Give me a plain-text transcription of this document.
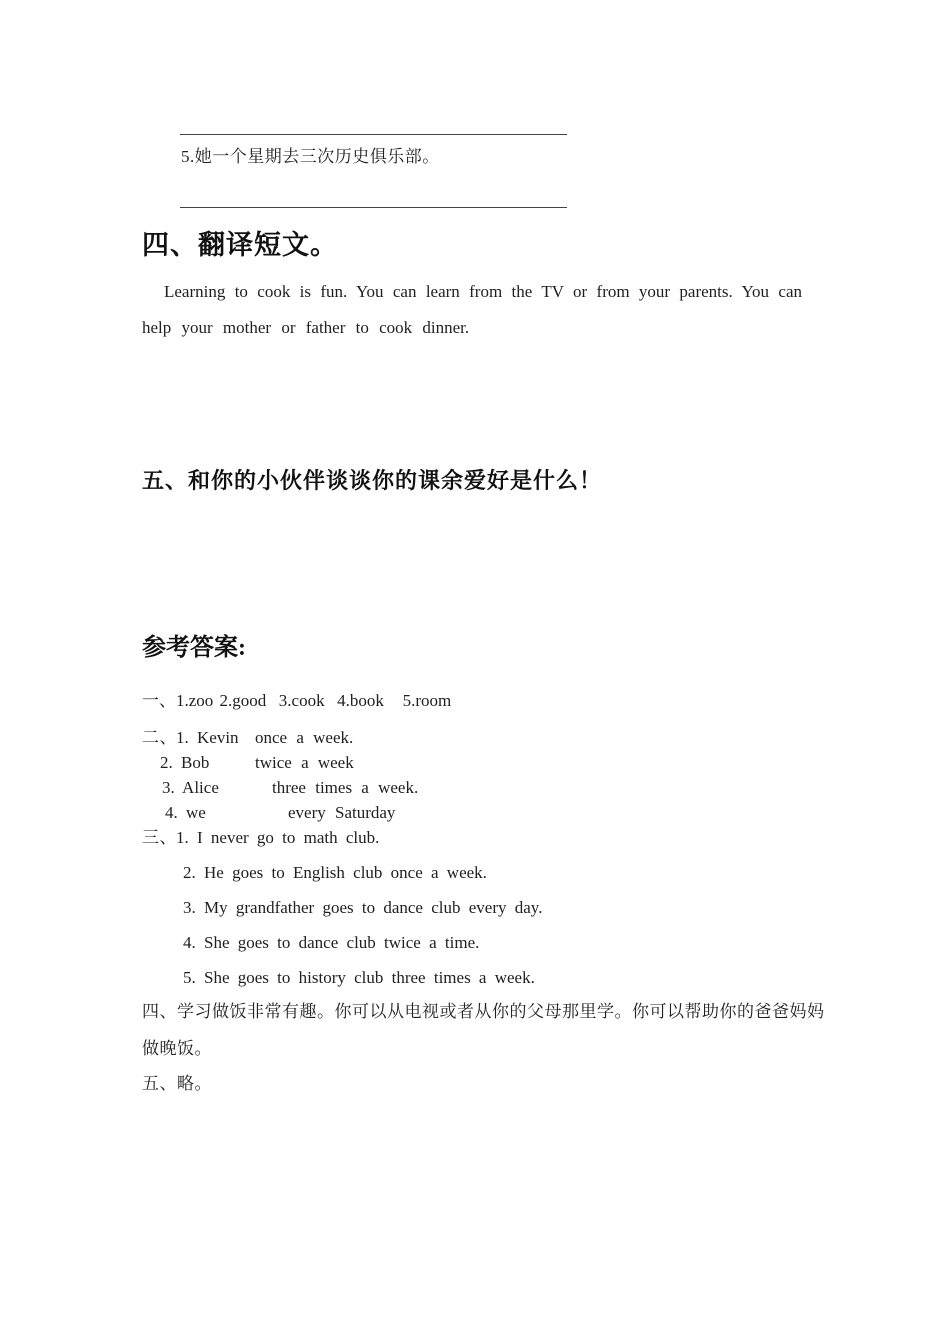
5.她一个星期去三次历史俱乐部。
四、翻译短文。
Learning to cook is fun. You can learn from the TV or from your parents. You can
help your mother or father to cook dinner.
五、和你的小伙伴谈谈你的课余爱好是什么！
参考答案:
一、1.zoo 2.good  3.cook  4.book   5.room
二、 1. Kevin once a week.
2. Bob	twice a week
3. Alice	three times a week.
4. we	every Saturday
三、 1. I never go to math club.
2. He goes to English club once a week.
3. My grandfather goes to dance club every day.
4. She goes to dance club twice a time.
5. She goes to history club three times a week.
四、学习做饭非常有趣。你可以从电视或者从你的父母那里学。你可以帮助你的爸爸妈妈
做晚饭。
五、略。
